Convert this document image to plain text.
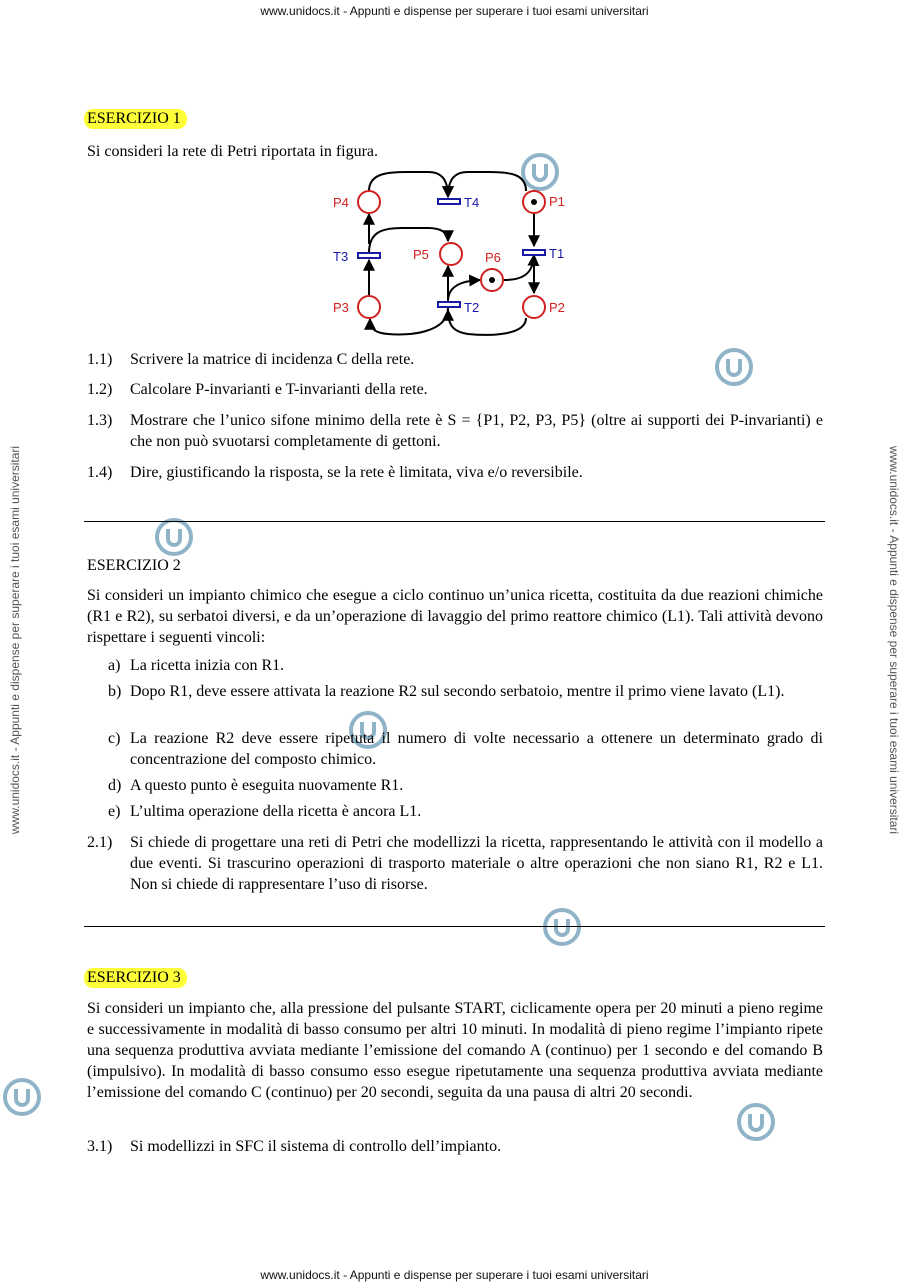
www.unidocs.it - Appunti e dispense per superare i tuoi esami universitari
www.unidocs.it - Appunti e dispense per superare i tuoi esami universitari
www.unidocs.it - Appunti e dispense per superare i tuoi esami universitari	www.unidocs.it - Appunti e dispense per superare i tuoi esami universitari
ESERCIZIO 1
Si consideri la rete di Petri riportata in figura.
P4
P3
P5	P6
P1
P2
T4
T3	T1
T2
1.1) Scrivere la matrice di incidenza C della rete.
1.2) Calcolare P-invarianti e T-invarianti della rete.
1.3) Mostrare che l’unico sifone minimo della rete è S = {P1, P2, P3, P5} (oltre ai supporti dei P-invarianti) e che non può svuotarsi completamente di gettoni.
1.4) Dire, giustificando la risposta, se la rete è limitata, viva e/o reversibile.
ESERCIZIO 2
Si consideri un impianto chimico che esegue a ciclo continuo un’unica ricetta, costituita da due reazioni chimiche (R1 e R2), su serbatoi diversi, e da un’operazione di lavaggio del primo reattore chimico (L1). Tali attività devono rispettare i seguenti vincoli:
a) La ricetta inizia con R1.
b) Dopo R1, deve essere attivata la reazione R2 sul secondo serbatoio, mentre il primo viene lavato (L1).
c) La reazione R2 deve essere ripetuta il numero di volte necessario a ottenere un determinato grado di concentrazione del composto chimico.
d) A questo punto è eseguita nuovamente R1.
e) L’ultima operazione della ricetta è ancora L1.
2.1) Si chiede di progettare una reti di Petri che modellizzi la ricetta, rappresentando le attività con il modello a due eventi. Si trascurino operazioni di trasporto materiale o altre operazioni che non siano R1, R2 e L1. Non si chiede di rappresentare l’uso di risorse.
ESERCIZIO 3
Si consideri un impianto che, alla pressione del pulsante START, ciclicamente opera per 20 minuti a pieno regime e successivamente in modalità di basso consumo per altri 10 minuti. In modalità di pieno regime l’impianto ripete una sequenza produttiva avviata mediante l’emissione del comando A (continuo) per 1 secondo e del comando B (impulsivo). In modalità di basso consumo esso esegue ripetutamente una sequenza produttiva avviata mediante l’emissione del comando C (continuo) per 20 secondi, seguita da una pausa di altri 20 secondi.
3.1) Si modellizzi in SFC il sistema di controllo dell’impianto.
